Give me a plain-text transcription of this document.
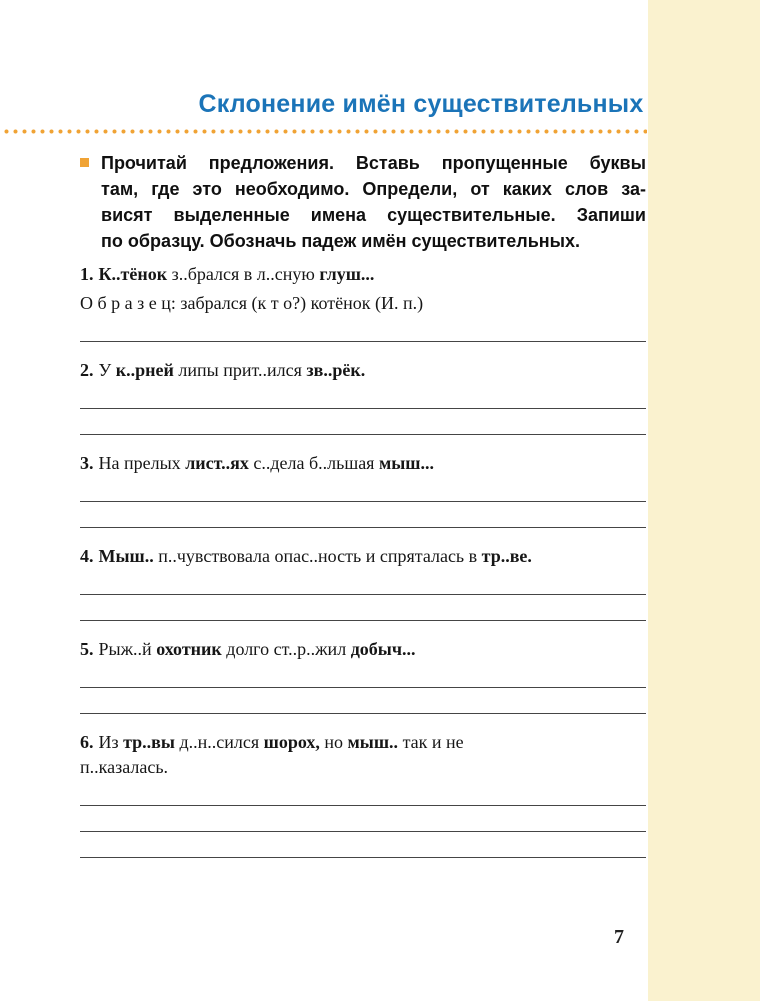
Склонение имён существительных
Прочитай предложения. Вставь пропущенные буквы
там, где это необходимо. Определи, от каких слов за-
висят выделенные имена существительные. Запиши
по образцу. Обозначь падеж имён существительных.
1. К..тёнок з..брался в л..сную глуш...
О б р а з е ц: забрался (к т о?) котёнок (И. п.)
2. У к..рней липы прит..ился зв..рёк.
3. На прелых лист..ях с..дела б..льшая мыш...
4. Мыш.. п..чувствовала опас..ность и спряталась в тр..ве.
5. Рыж..й охотник долго ст..р..жил добыч...
6. Из тр..вы д..н..сился шорох, но мыш.. так и не
п..казалась.
7
